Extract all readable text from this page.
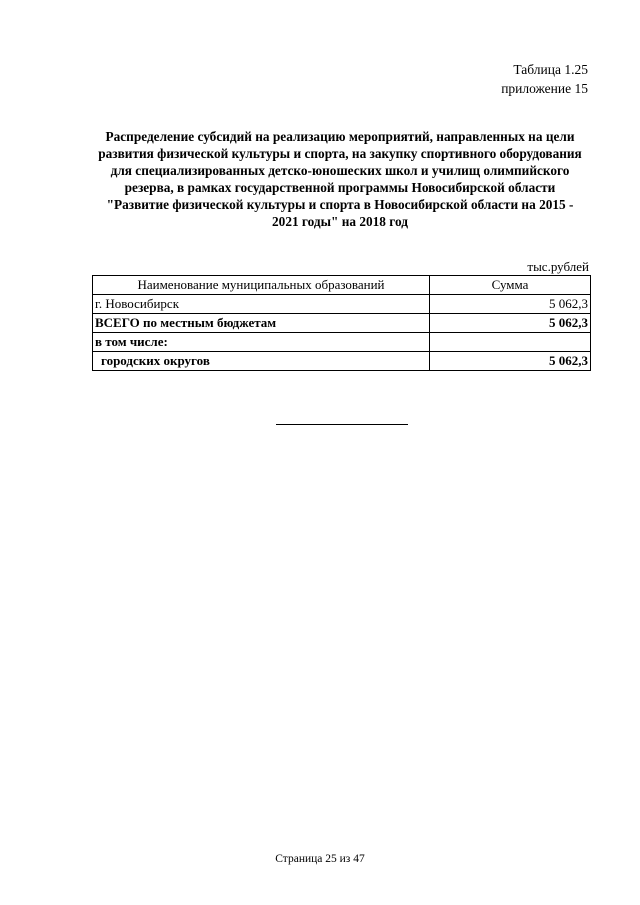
Таблица 1.25
приложение 15
Распределение субсидий на реализацию мероприятий, направленных на цели развития физической культуры и спорта, на закупку спортивного оборудования для специализированных детско-юношеских школ и училищ олимпийского резерва, в рамках государственной программы Новосибирской области "Развитие физической культуры и спорта в Новосибирской области на 2015 - 2021 годы" на 2018 год
тыс.рублей
Наименование муниципальных образований	Сумма
г. Новосибирск	5 062,3
ВСЕГО по местным бюджетам	5 062,3
в том числе:	
городских округов	5 062,3
Страница 25 из 47
